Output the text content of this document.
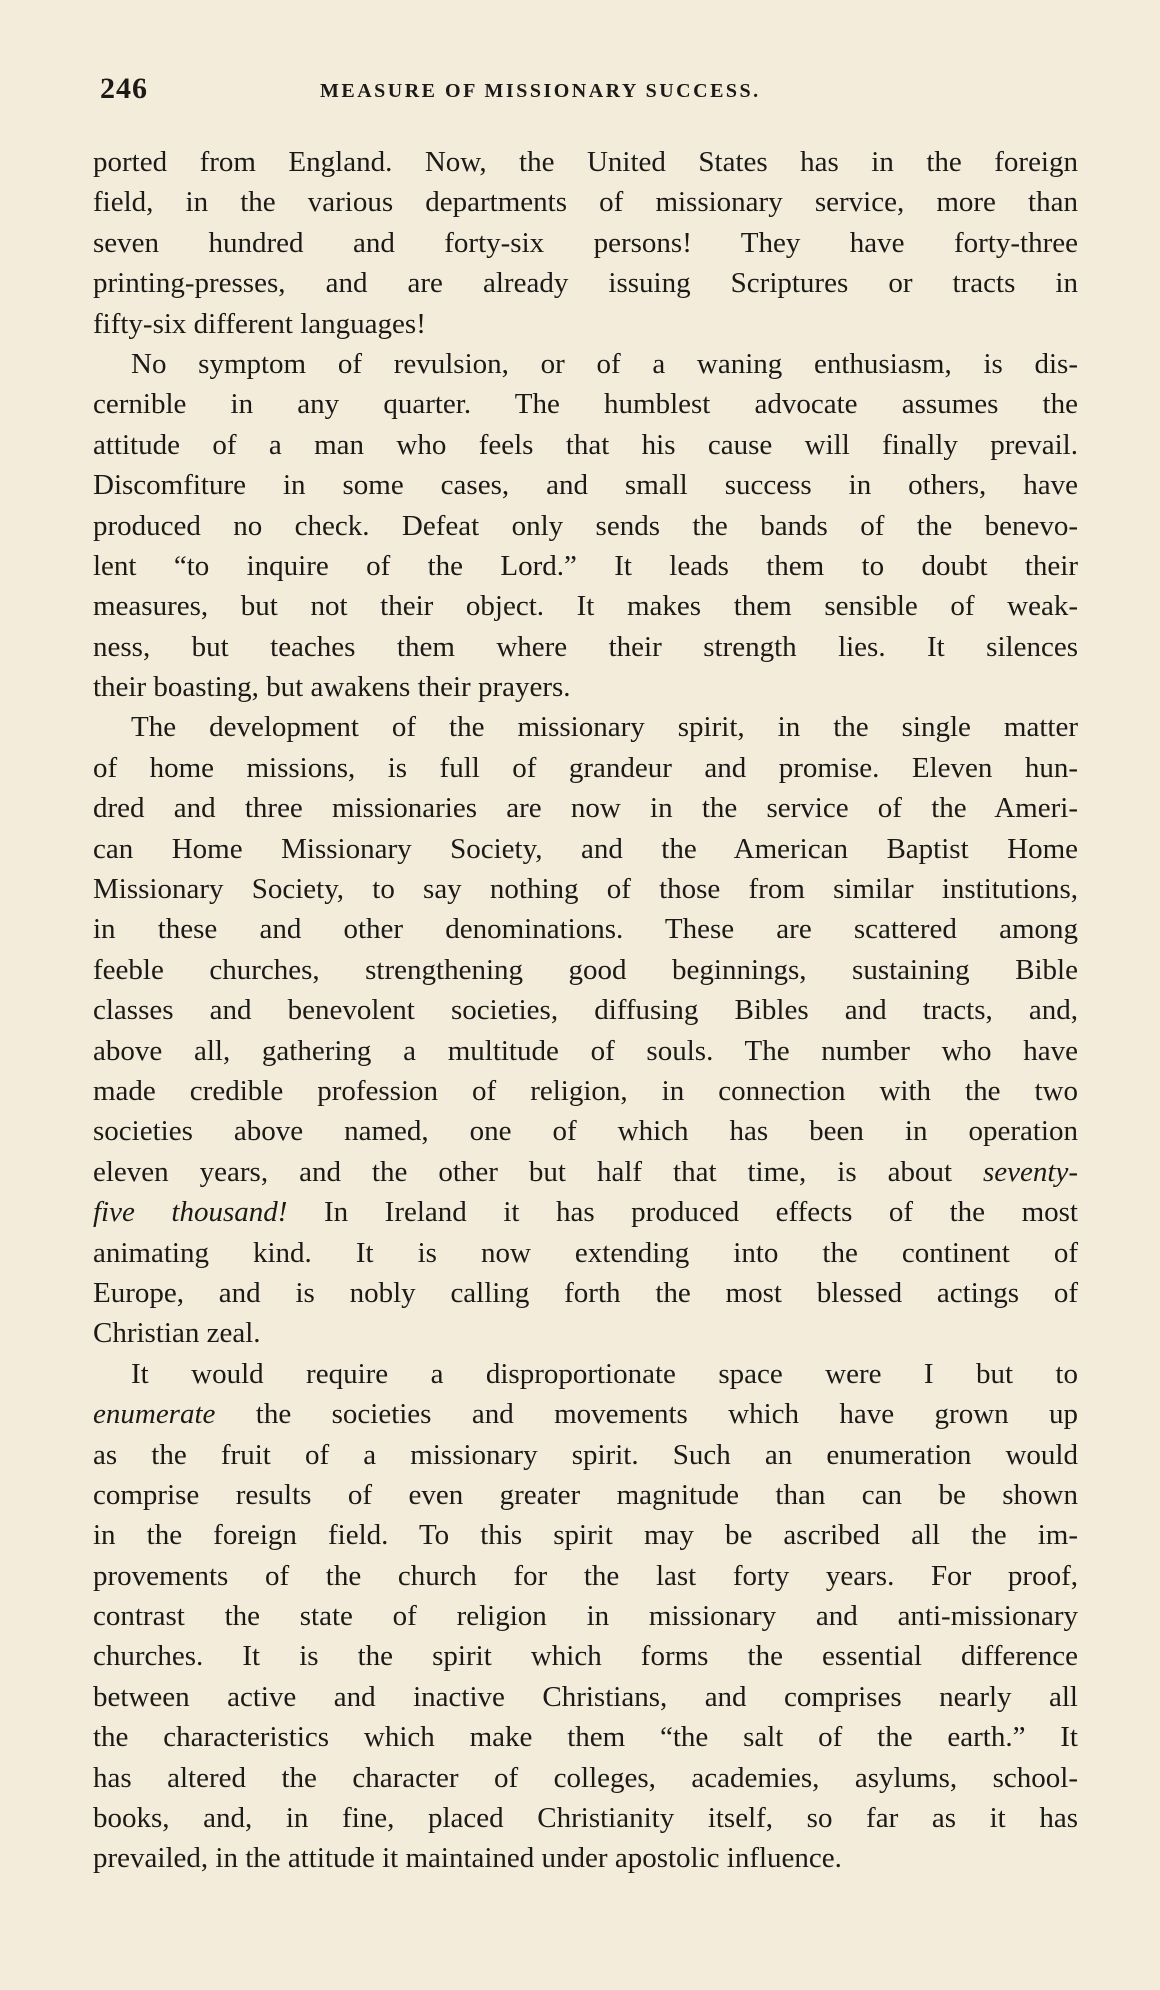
246	MEASURE OF MISSIONARY SUCCESS.
ported from England. Now, the United States has in the foreign
field, in the various departments of missionary service, more than
seven hundred and forty-six persons! They have forty-three
printing-presses, and are already issuing Scriptures or tracts in
fifty-six different languages!
No symptom of revulsion, or of a waning enthusiasm, is dis-
cernible in any quarter. The humblest advocate assumes the
attitude of a man who feels that his cause will finally prevail.
Discomfiture in some cases, and small success in others, have
produced no check. Defeat only sends the bands of the benevo-
lent “to inquire of the Lord.” It leads them to doubt their
measures, but not their object. It makes them sensible of weak-
ness, but teaches them where their strength lies. It silences
their boasting, but awakens their prayers.
The development of the missionary spirit, in the single matter
of home missions, is full of grandeur and promise. Eleven hun-
dred and three missionaries are now in the service of the Ameri-
can Home Missionary Society, and the American Baptist Home
Missionary Society, to say nothing of those from similar institutions,
in these and other denominations. These are scattered among
feeble churches, strengthening good beginnings, sustaining Bible
classes and benevolent societies, diffusing Bibles and tracts, and,
above all, gathering a multitude of souls. The number who have
made credible profession of religion, in connection with the two
societies above named, one of which has been in operation
eleven years, and the other but half that time, is about seventy-
five thousand! In Ireland it has produced effects of the most
animating kind. It is now extending into the continent of
Europe, and is nobly calling forth the most blessed actings of
Christian zeal.
It would require a disproportionate space were I but to
enumerate the societies and movements which have grown up
as the fruit of a missionary spirit. Such an enumeration would
comprise results of even greater magnitude than can be shown
in the foreign field. To this spirit may be ascribed all the im-
provements of the church for the last forty years. For proof,
contrast the state of religion in missionary and anti-missionary
churches. It is the spirit which forms the essential difference
between active and inactive Christians, and comprises nearly all
the characteristics which make them “the salt of the earth.” It
has altered the character of colleges, academies, asylums, school-
books, and, in fine, placed Christianity itself, so far as it has
prevailed, in the attitude it maintained under apostolic influence.
